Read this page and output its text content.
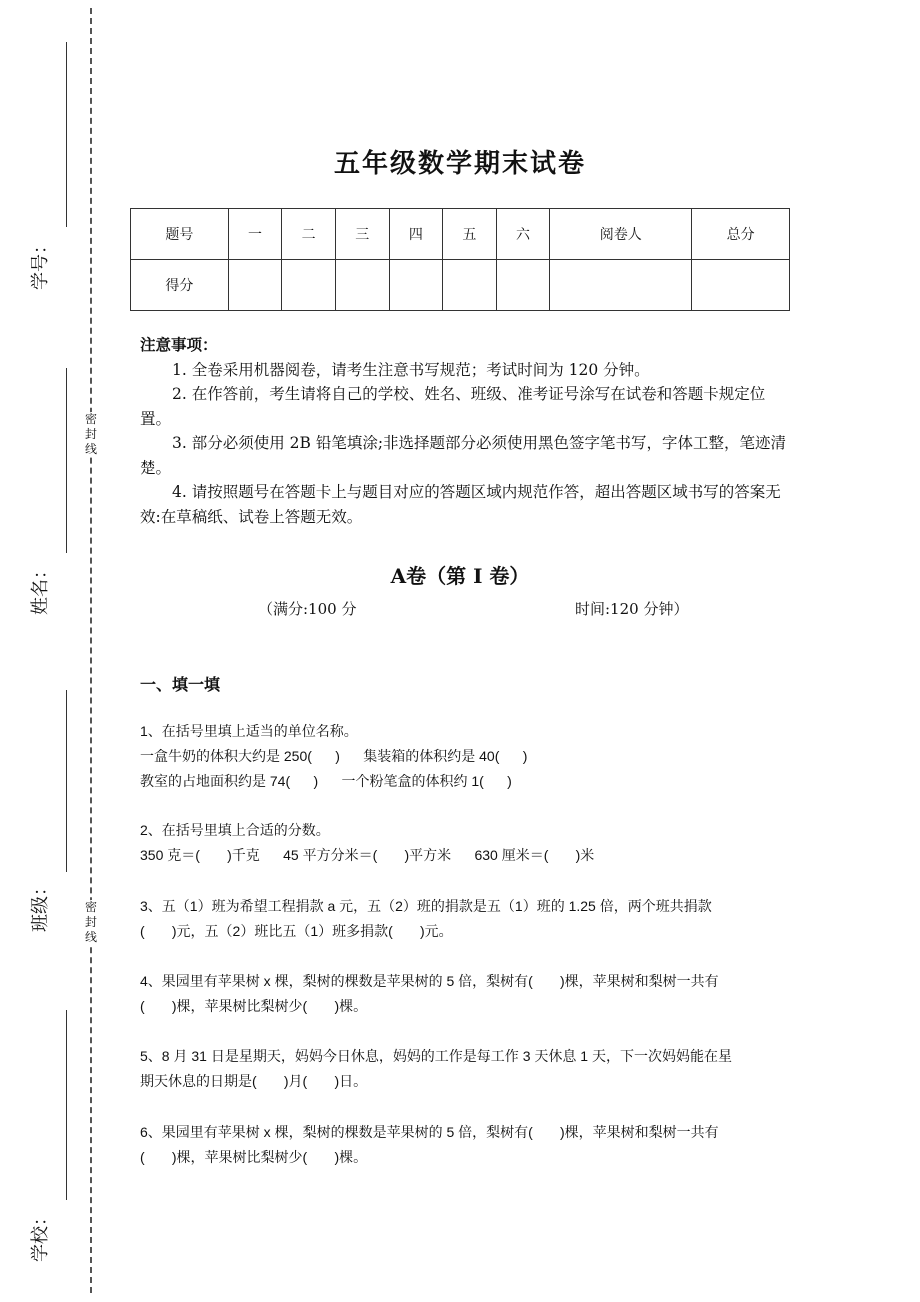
密封线
密封线
学号：
姓名：
班级：
学校：
五年级数学期末试卷
题号	一	二	三	四	五	六	阅卷人	总分
得分								
注意事项：
1. 全卷采用机器阅卷，请考生注意书写规范；考试时间为 120 分钟。
2. 在作答前，考生请将自己的学校、姓名、班级、准考证号涂写在试卷和答题卡规定位置。
3. 部分必须使用 2B 铅笔填涂;非选择题部分必须使用黑色签字笔书写，字体工整，笔迹清楚。
4. 请按照题号在答题卡上与题目对应的答题区域内规范作答，超出答题区域书写的答案无效:在草稿纸、试卷上答题无效。
A卷（第 I 卷）
（满分:100 分	时间:120 分钟）
一、填一填
1、在括号里填上适当的单位名称。
一盒牛奶的体积大约是 250(      )      集装箱的体积约是 40(      )
教室的占地面积约是 74(      )      一个粉笔盒的体积约 1(      )
2、在括号里填上合适的分数。
350 克＝(       )千克      45 平方分米＝(       )平方米      630 厘米＝(       )米
3、五（1）班为希望工程捐款 a 元，五（2）班的捐款是五（1）班的 1.25 倍，两个班共捐款
(       )元，五（2）班比五（1）班多捐款(       )元。
4、果园里有苹果树 x 棵，梨树的棵数是苹果树的 5 倍，梨树有(       )棵，苹果树和梨树一共有
(       )棵，苹果树比梨树少(       )棵。
5、8 月 31 日是星期天，妈妈今日休息，妈妈的工作是每工作 3 天休息 1 天，下一次妈妈能在星
期天休息的日期是(       )月(       )日。
6、果园里有苹果树 x 棵，梨树的棵数是苹果树的 5 倍，梨树有(       )棵，苹果树和梨树一共有
(       )棵，苹果树比梨树少(       )棵。
